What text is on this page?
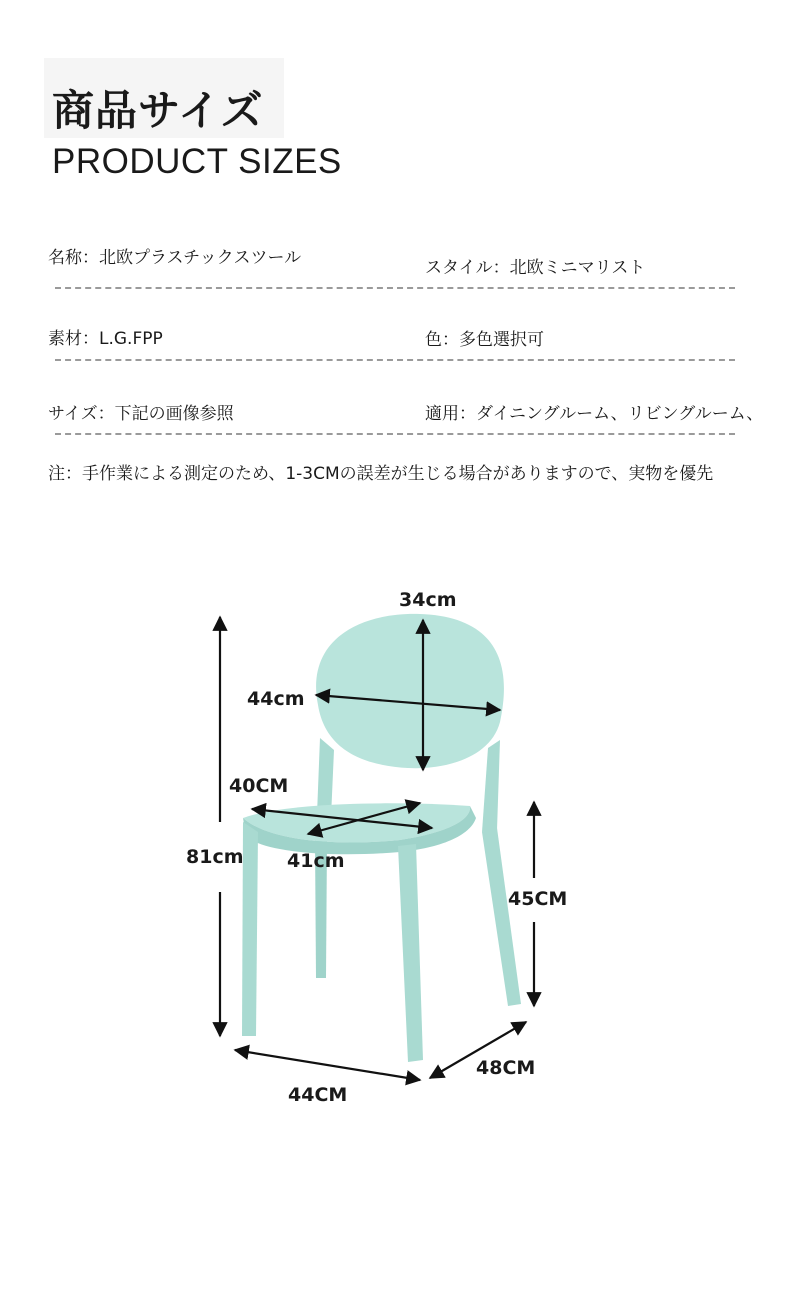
商品サイズ
PRODUCT SIZES
名称：北欧プラスチックスツール	スタイル：北欧ミニマリスト
素材：L.G.FPP	色：多色選択可
サイズ：下記の画像参照	適用：ダイニングルーム、リビングルーム、
注：手作業による測定のため、1-3CMの誤差が生じる場合がありますので、実物を優先
34cm
44cm
40CM
41cm
81cm
45CM
44CM
48CM
